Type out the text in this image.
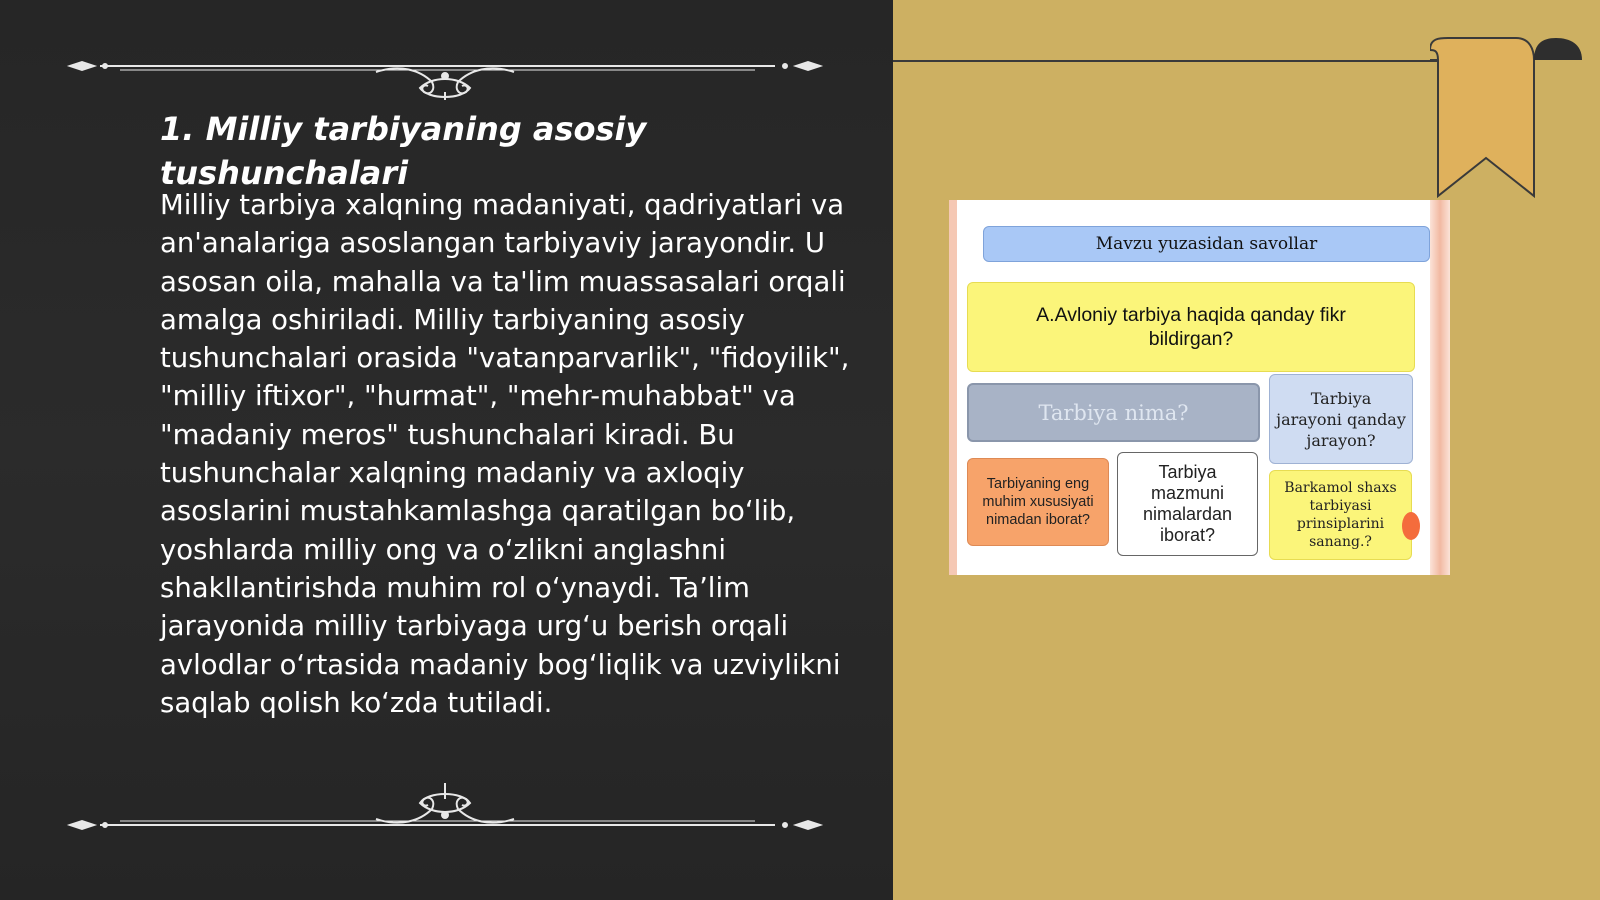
1. Milliy tarbiyaning asosiy tushunchalari

Milliy tarbiya xalqning madaniyati, qadriyatlari va an'analariga asoslangan tarbiyaviy jarayondir. U asosan oila, mahalla va ta'lim muassasalari orqali amalga oshiriladi. Milliy tarbiyaning asosiy tushunchalari orasida "vatanparvarlik", "fidoyilik", "milliy iftixor", "hurmat", "mehr-muhabbat" va "madaniy meros" tushunchalari kiradi. Bu tushunchalar xalqning madaniy va axloqiy asoslarini mustahkamlashga qaratilgan bo‘lib, yoshlarda milliy ong va o‘zlikni anglashni shakllantirishda muhim rol o‘ynaydi. Ta’lim jarayonida milliy tarbiyaga urg‘u berish orqali avlodlar o‘rtasida madaniy bog‘liqlik va uzviylikni saqlab qolish ko‘zda tutiladi.

Mavzu yuzasidan savollar
A.Avloniy tarbiya haqida qanday fikr bildirgan?
Tarbiya nima?
Tarbiya jarayoni qanday jarayon?
Tarbiyaning eng muhim xususiyati nimadan iborat?
Tarbiya mazmuni nimalardan iborat?
Barkamol shaxs tarbiyasi prinsiplarini sanang.?
